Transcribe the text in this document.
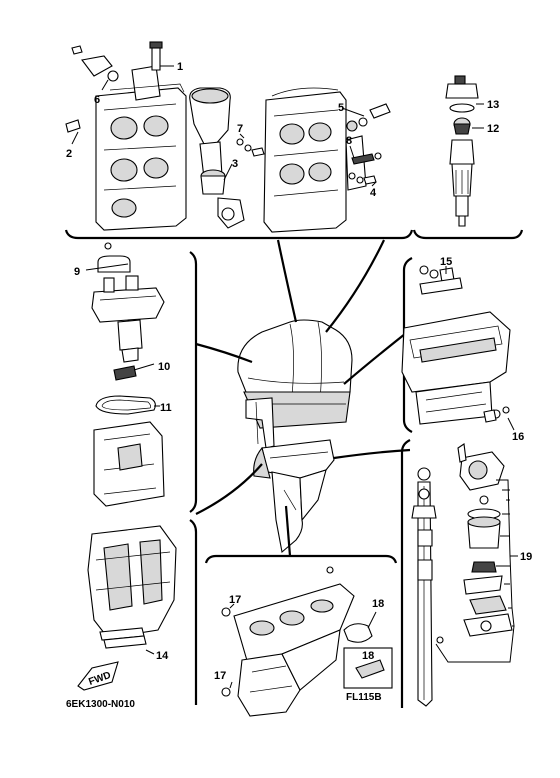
FWD
FL115B
1
2
3
4
5
6
7
8
9
10
11
12
13
14
15
16
17
17
18
18
19
6EK1300-N010
